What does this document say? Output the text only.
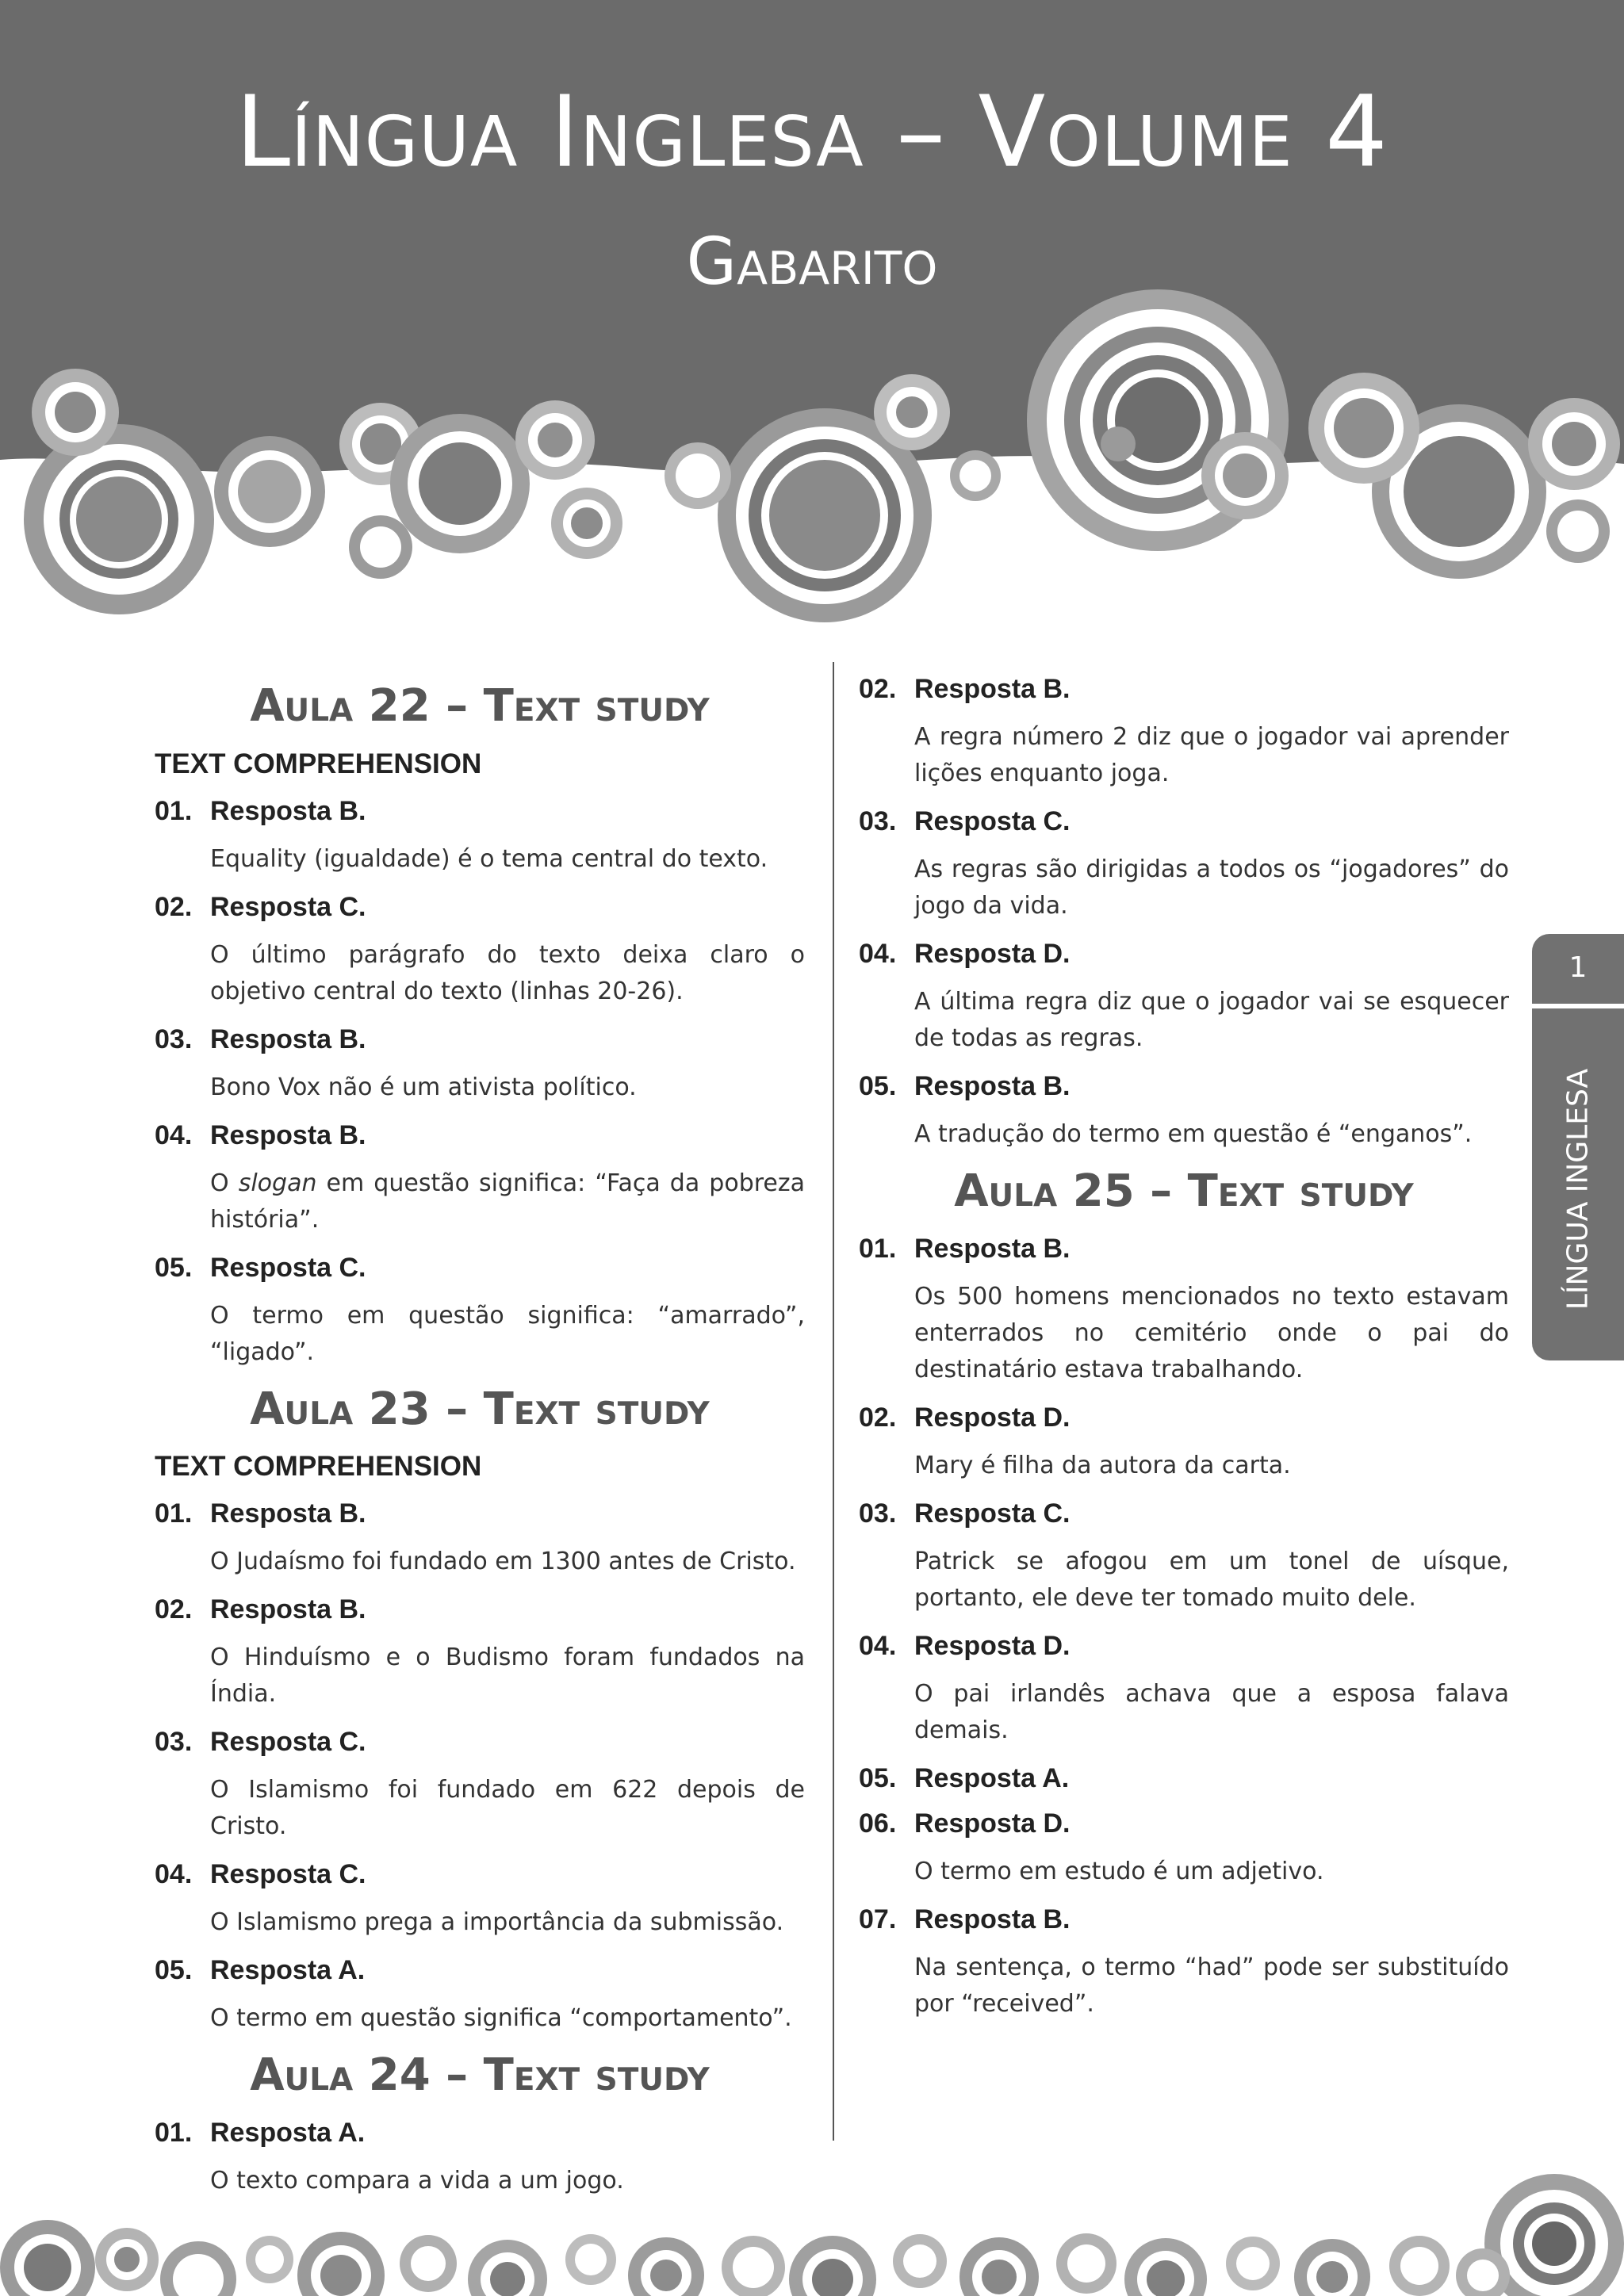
Língua Inglesa – Volume 4
Gabarito
1
LÍNGUA INGLESA
Aula 22 – Text study
TEXT COMPREHENSION
01. Resposta B.
Equality (igualdade) é o tema central do texto.
02. Resposta C.
O último parágrafo do texto deixa claro o objetivo central do texto (linhas 20-26).
03. Resposta B.
Bono Vox não é um ativista político.
04. Resposta B.
O slogan em questão significa: “Faça da pobreza história”.
05. Resposta C.
O termo em questão significa: “amarrado”, “ligado”.
Aula 23 – Text study
TEXT COMPREHENSION
01. Resposta B.
O Judaísmo foi fundado em 1300 antes de Cristo.
02. Resposta B.
O Hinduísmo e o Budismo foram fundados na Índia.
03. Resposta C.
O Islamismo foi fundado em 622 depois de Cristo.
04. Resposta C.
O Islamismo prega a importância da submissão.
05. Resposta A.
O termo em questão significa “comportamento”.
Aula 24 – Text study
01. Resposta A.
O texto compara a vida a um jogo.
02. Resposta B.
A regra número 2 diz que o jogador vai aprender lições enquanto joga.
03. Resposta C.
As regras são dirigidas a todos os “jogadores” do jogo da vida.
04. Resposta D.
A última regra diz que o jogador vai se esquecer de todas as regras.
05. Resposta B.
A tradução do termo em questão é “enganos”.
Aula 25 – Text study
01. Resposta B.
Os 500 homens mencionados no texto estavam enterrados no cemitério onde o pai do destinatário estava trabalhando.
02. Resposta D.
Mary é filha da autora da carta.
03. Resposta C.
Patrick se afogou em um tonel de uísque, portanto, ele deve ter tomado muito dele.
04. Resposta D.
O pai irlandês achava que a esposa falava demais.
05. Resposta A.
06. Resposta D.
O termo em estudo é um adjetivo.
07. Resposta B.
Na sentença, o termo “had” pode ser substituído por “received”.
